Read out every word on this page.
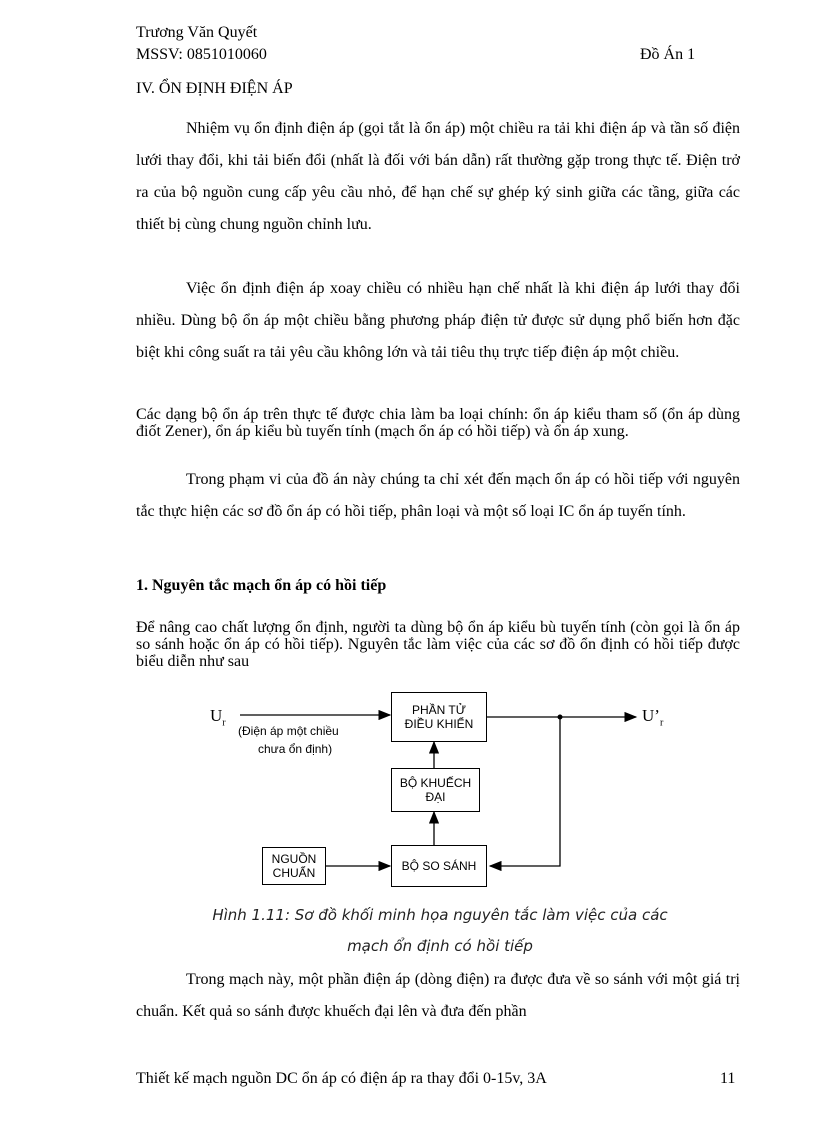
Trương Văn Quyết
MSSV: 0851010060	Đồ Án 1
IV. ỔN ĐỊNH ĐIỆN ÁP

Nhiệm vụ ổn định điện áp (gọi tắt là ổn áp) một chiều ra tải khi điện áp và tần số điện lưới thay đổi, khi tải biến đổi (nhất là đối với bán dẫn) rất thường gặp trong thực tế. Điện trở ra của bộ nguồn cung cấp yêu cầu nhỏ, để hạn chế sự ghép ký sinh giữa các tầng, giữa các thiết bị cùng chung nguồn chỉnh lưu.

Việc ổn định điện áp xoay chiều có nhiều hạn chế nhất là khi điện áp lưới thay đổi nhiều. Dùng bộ ổn áp một chiều bằng phương pháp điện tử được sử dụng phổ biến hơn đặc biệt khi công suất ra tải yêu cầu không lớn và tải tiêu thụ trực tiếp điện áp một chiều.

Các dạng bộ ổn áp trên thực tế được chia làm ba loại chính: ổn áp kiểu tham số (ổn áp dùng điốt Zener), ổn áp kiểu bù tuyến tính (mạch ổn áp có hồi tiếp) và ổn áp xung.

Trong phạm vi của đồ án này chúng ta chỉ xét đến mạch ổn áp có hồi tiếp với nguyên tắc thực hiện các sơ đồ ổn áp có hồi tiếp, phân loại và một số loại IC ổn áp tuyến tính.

1. Nguyên tắc mạch ổn áp có hồi tiếp

Để nâng cao chất lượng ổn định, người ta dùng bộ ổn áp kiểu bù tuyến tính (còn gọi là ổn áp so sánh hoặc ổn áp có hồi tiếp). Nguyên tắc làm việc của các sơ đồ ổn định có hồi tiếp được biểu diễn như sau

$U_r$
(Điện áp một chiều
chưa ổn định)
$U’_r$
PHẦN TỬ
ĐIỀU KHIỂN
BỘ KHUẾCH
ĐẠI
BỘ SO SÁNH
NGUỒN
CHUẨN
Hình 1.11: Sơ đồ khối minh họa nguyên tắc làm việc của các
mạch ổn định có hồi tiếp

Trong mạch này, một phần điện áp (dòng điện) ra được đưa về so sánh với một giá trị chuẩn. Kết quả so sánh được khuếch đại lên và đưa đến phần

Thiết kế mạch nguồn DC ổn áp có điện áp ra thay đổi 0-15v, 3A	11
